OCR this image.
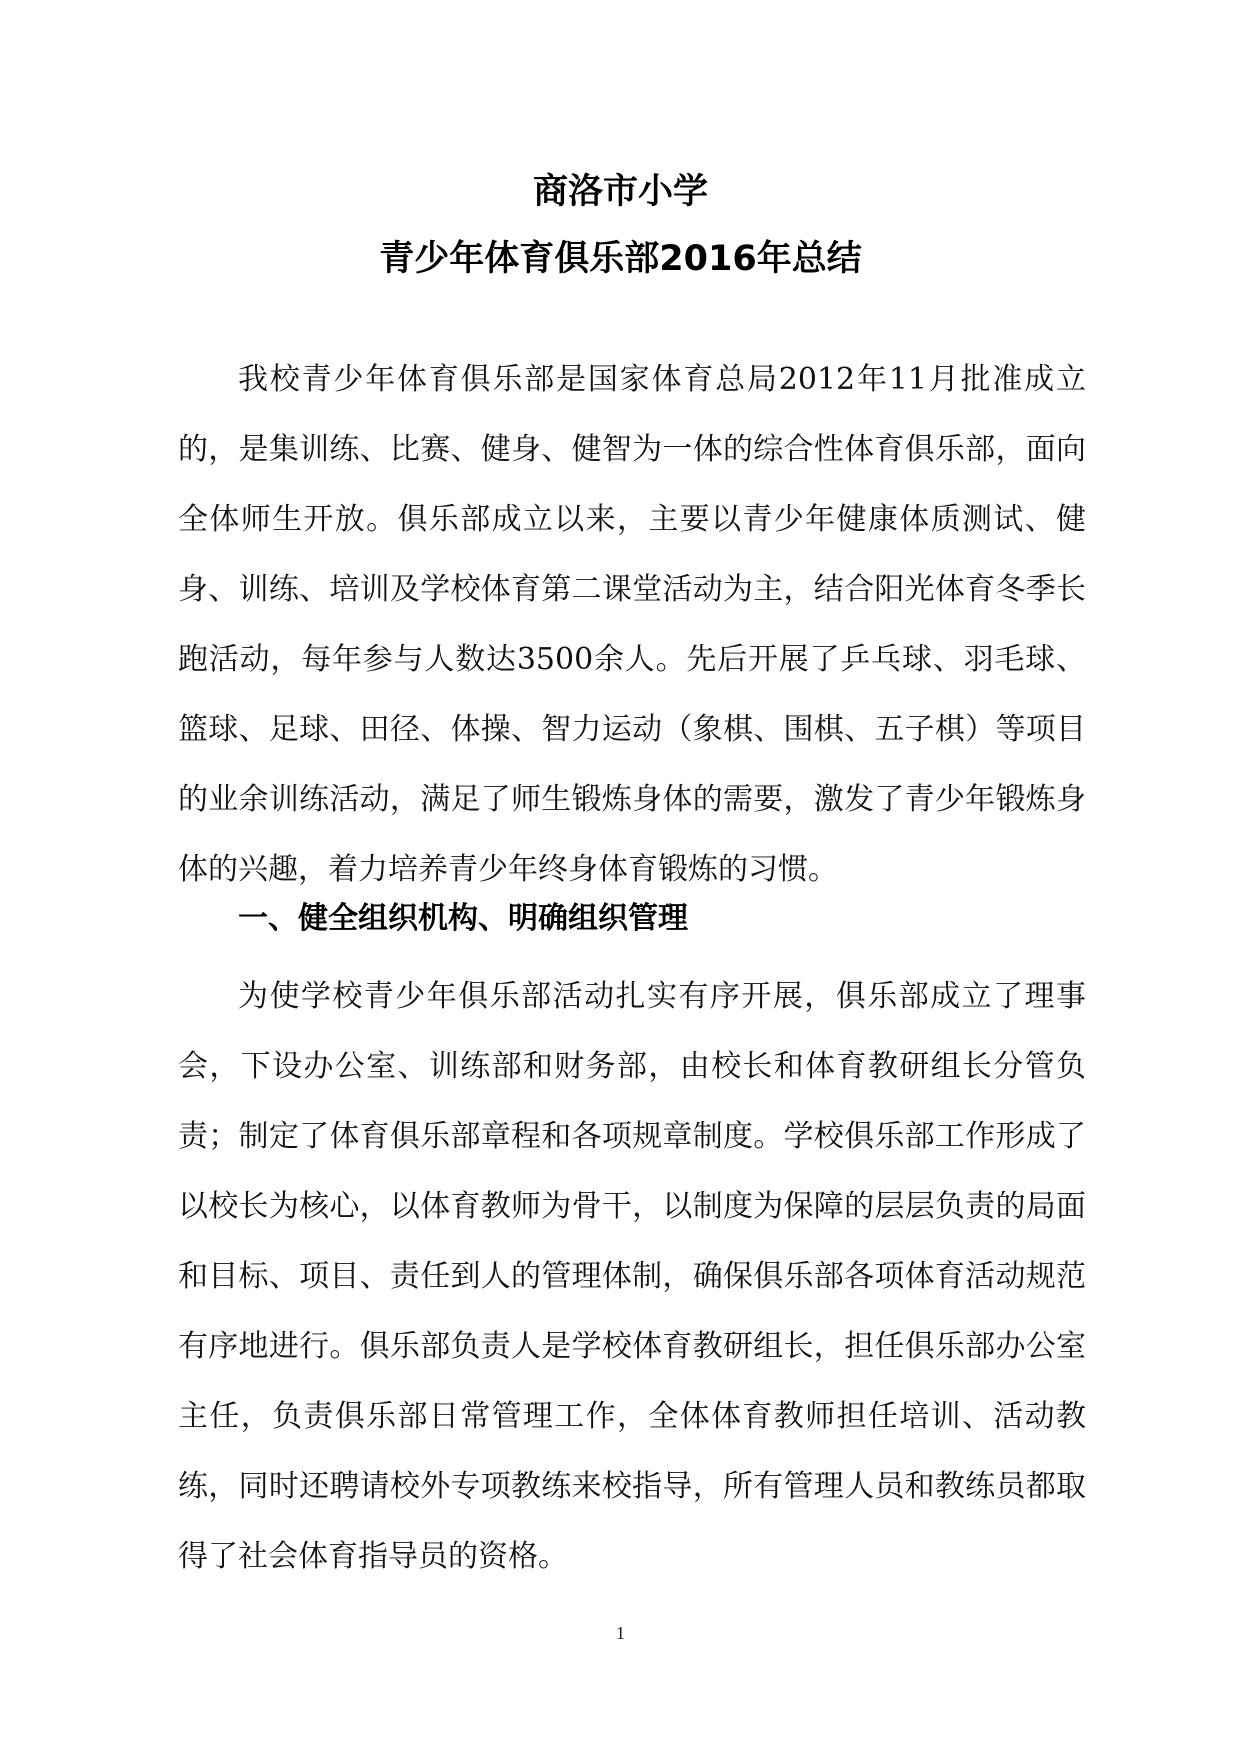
商洛市小学
青少年体育俱乐部2016年总结

我校青少年体育俱乐部是国家体育总局2012年11月批准成立的，是集训练、比赛、健身、健智为一体的综合性体育俱乐部，面向全体师生开放。俱乐部成立以来，主要以青少年健康体质测试、健身、训练、培训及学校体育第二课堂活动为主，结合阳光体育冬季长跑活动，每年参与人数达3500余人。先后开展了乒乓球、羽毛球、篮球、足球、田径、体操、智力运动（象棋、围棋、五子棋）等项目的业余训练活动，满足了师生锻炼身体的需要，激发了青少年锻炼身体的兴趣，着力培养青少年终身体育锻炼的习惯。

一、健全组织机构、明确组织管理

为使学校青少年俱乐部活动扎实有序开展，俱乐部成立了理事会，下设办公室、训练部和财务部，由校长和体育教研组长分管负责；制定了体育俱乐部章程和各项规章制度。学校俱乐部工作形成了以校长为核心，以体育教师为骨干，以制度为保障的层层负责的局面和目标、项目、责任到人的管理体制，确保俱乐部各项体育活动规范有序地进行。俱乐部负责人是学校体育教研组长，担任俱乐部办公室主任，负责俱乐部日常管理工作，全体体育教师担任培训、活动教练，同时还聘请校外专项教练来校指导，所有管理人员和教练员都取得了社会体育指导员的资格。

1
